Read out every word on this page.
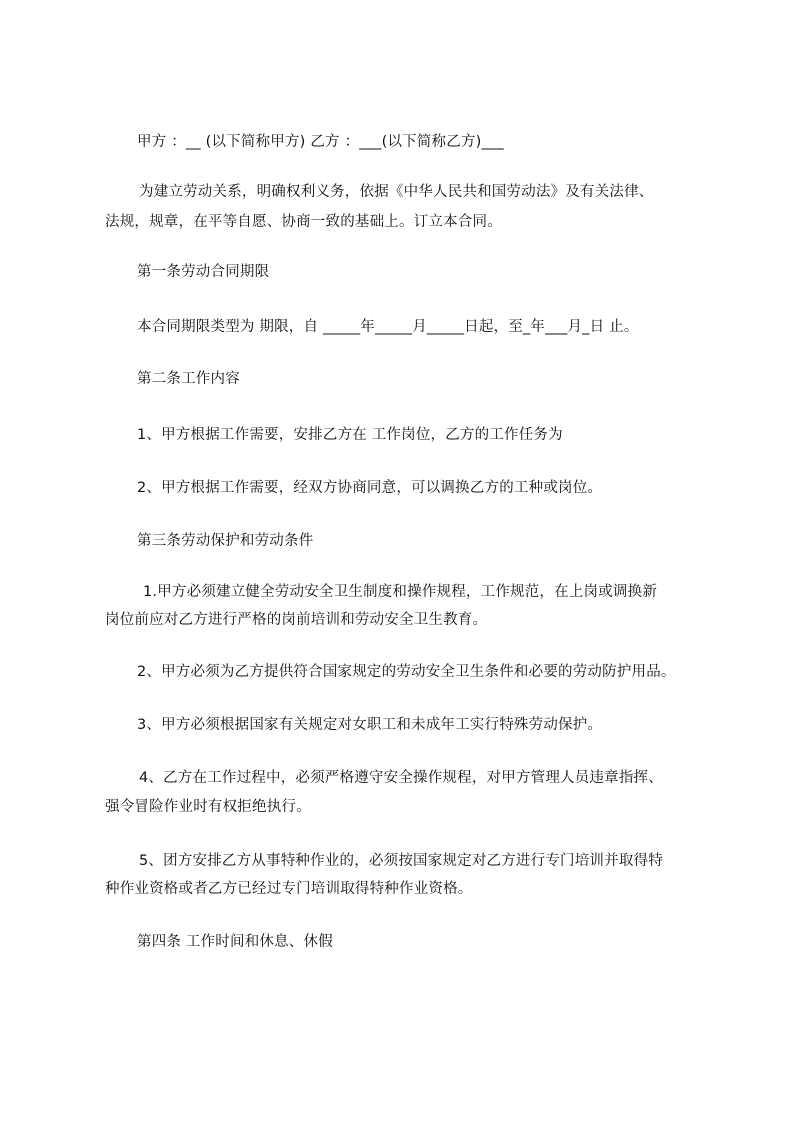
甲方 ：__ (以下简称甲方) 乙方 ：___(以下简称乙方)___
为建立劳动关系，明确权利义务，依据《中华人民共和国劳动法》及有关法律、
法规，规章，在平等自愿、协商一致的基础上。订立本合同。
第一条劳动合同期限
本合同期限类型为 期限，自 _____年_____月_____日起，至_年___月_日 止。
第二条工作内容
1、甲方根据工作需要，安排乙方在 工作岗位，乙方的工作任务为
2、甲方根据工作需要，经双方协商同意，可以调换乙方的工种或岗位。
第三条劳动保护和劳动条件
1.甲方必须建立健全劳动安全卫生制度和操作规程，工作规范，在上岗或调换新
岗位前应对乙方进行严格的岗前培训和劳动安全卫生教育。
2、甲方必须为乙方提供符合国家规定的劳动安全卫生条件和必要的劳动防护用品。
3、甲方必须根据国家有关规定对女职工和未成年工实行特殊劳动保护。
4、乙方在工作过程中，必须严格遵守安全操作规程，对甲方管理人员违章指挥、
强令冒险作业时有权拒绝执行。
5、团方安排乙方从事特种作业的，必须按国家规定对乙方进行专门培训并取得特
种作业资格或者乙方已经过专门培训取得特种作业资格。
第四条 工作时间和休息、休假
